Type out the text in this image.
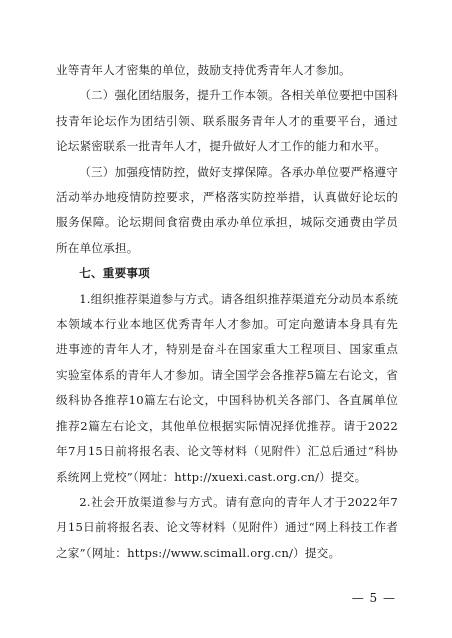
业等青年人才密集的单位，鼓励支持优秀青年人才参加。

（二）强化团结服务，提升工作本领。各相关单位要把中国科技青年论坛作为团结引领、联系服务青年人才的重要平台，通过论坛紧密联系一批青年人才，提升做好人才工作的能力和水平。

（三）加强疫情防控，做好支撑保障。各承办单位要严格遵守活动举办地疫情防控要求，严格落实防控举措，认真做好论坛的服务保障。论坛期间食宿费由承办单位承担，城际交通费由学员所在单位承担。

七、重要事项

1.组织推荐渠道参与方式。请各组织推荐渠道充分动员本系统本领域本行业本地区优秀青年人才参加。可定向邀请本身具有先进事迹的青年人才，特别是奋斗在国家重大工程项目、国家重点实验室体系的青年人才参加。请全国学会各推荐5篇左右论文，省级科协各推荐10篇左右论文，中国科协机关各部门、各直属单位推荐2篇左右论文，其他单位根据实际情况择优推荐。请于2022年7月15日前将报名表、论文等材料（见附件）汇总后通过“科协系统网上党校”（网址：http://xuexi.cast.org.cn/）提交。

2.社会开放渠道参与方式。请有意向的青年人才于2022年7月15日前将报名表、论文等材料（见附件）通过“网上科技工作者之家”（网址：https://www.scimall.org.cn/）提交。

— 5 —
